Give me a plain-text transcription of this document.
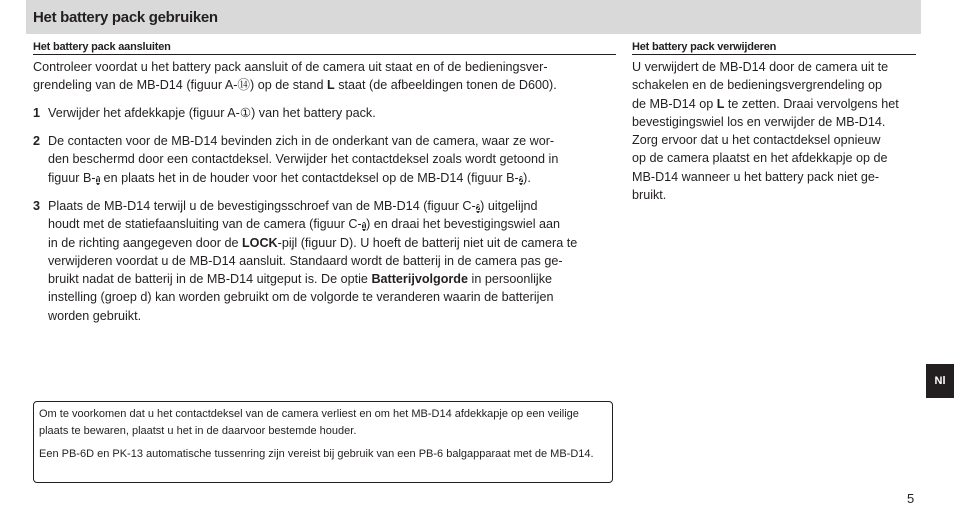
Het battery pack gebruiken
Het battery pack aansluiten

Controleer voordat u het battery pack aansluit of de camera uit staat en of de bedieningsver-
grendeling van de MB-D14 (figuur A-⑭) op de stand L staat (de afbeeldingen tonen de D600).

1 Verwijder het afdekkapje (figuur A-①) van het battery pack.
2 De contacten voor de MB-D14 bevinden zich in de onderkant van de camera, waar ze wor-
den beschermd door een contactdeksel. Verwijder het contactdeksel zoals wordt getoond in
figuur B-1 en plaats het in de houder voor het contactdeksel op de MB-D14 (figuur B-2).
3 Plaats de MB-D14 terwijl u de bevestigingsschroef van de MB-D14 (figuur C-2) uitgelijnd
houdt met de statiefaansluiting van de camera (figuur C-1) en draai het bevestigingswiel aan
in de richting aangegeven door de LOCK-pijl (figuur D). U hoeft de batterij niet uit de camera te
verwijderen voordat u de MB-D14 aansluit. Standaard wordt de batterij in de camera pas ge-
bruikt nadat de batterij in de MB-D14 uitgeput is. De optie Batterijvolgorde in persoonlijke
instelling (groep d) kan worden gebruikt om de volgorde te veranderen waarin de batterijen
worden gebruikt.
Het battery pack verwijderen

U verwijdert de MB-D14 door de camera uit te
schakelen en de bedieningsvergrendeling op
de MB-D14 op L te zetten. Draai vervolgens het
bevestigingswiel los en verwijder de MB-D14.
Zorg ervoor dat u het contactdeksel opnieuw
op de camera plaatst en het afdekkapje op de
MB-D14 wanneer u het battery pack niet ge-
bruikt.

Om te voorkomen dat u het contactdeksel van de camera verliest en om het MB-D14 afdekkapje op een veilige plaats te bewaren, plaatst u het in de daarvoor bestemde houder.

Een PB-6D en PK-13 automatische tussenring zijn vereist bij gebruik van een PB-6 balgapparaat met de MB-D14.

Nl
5
